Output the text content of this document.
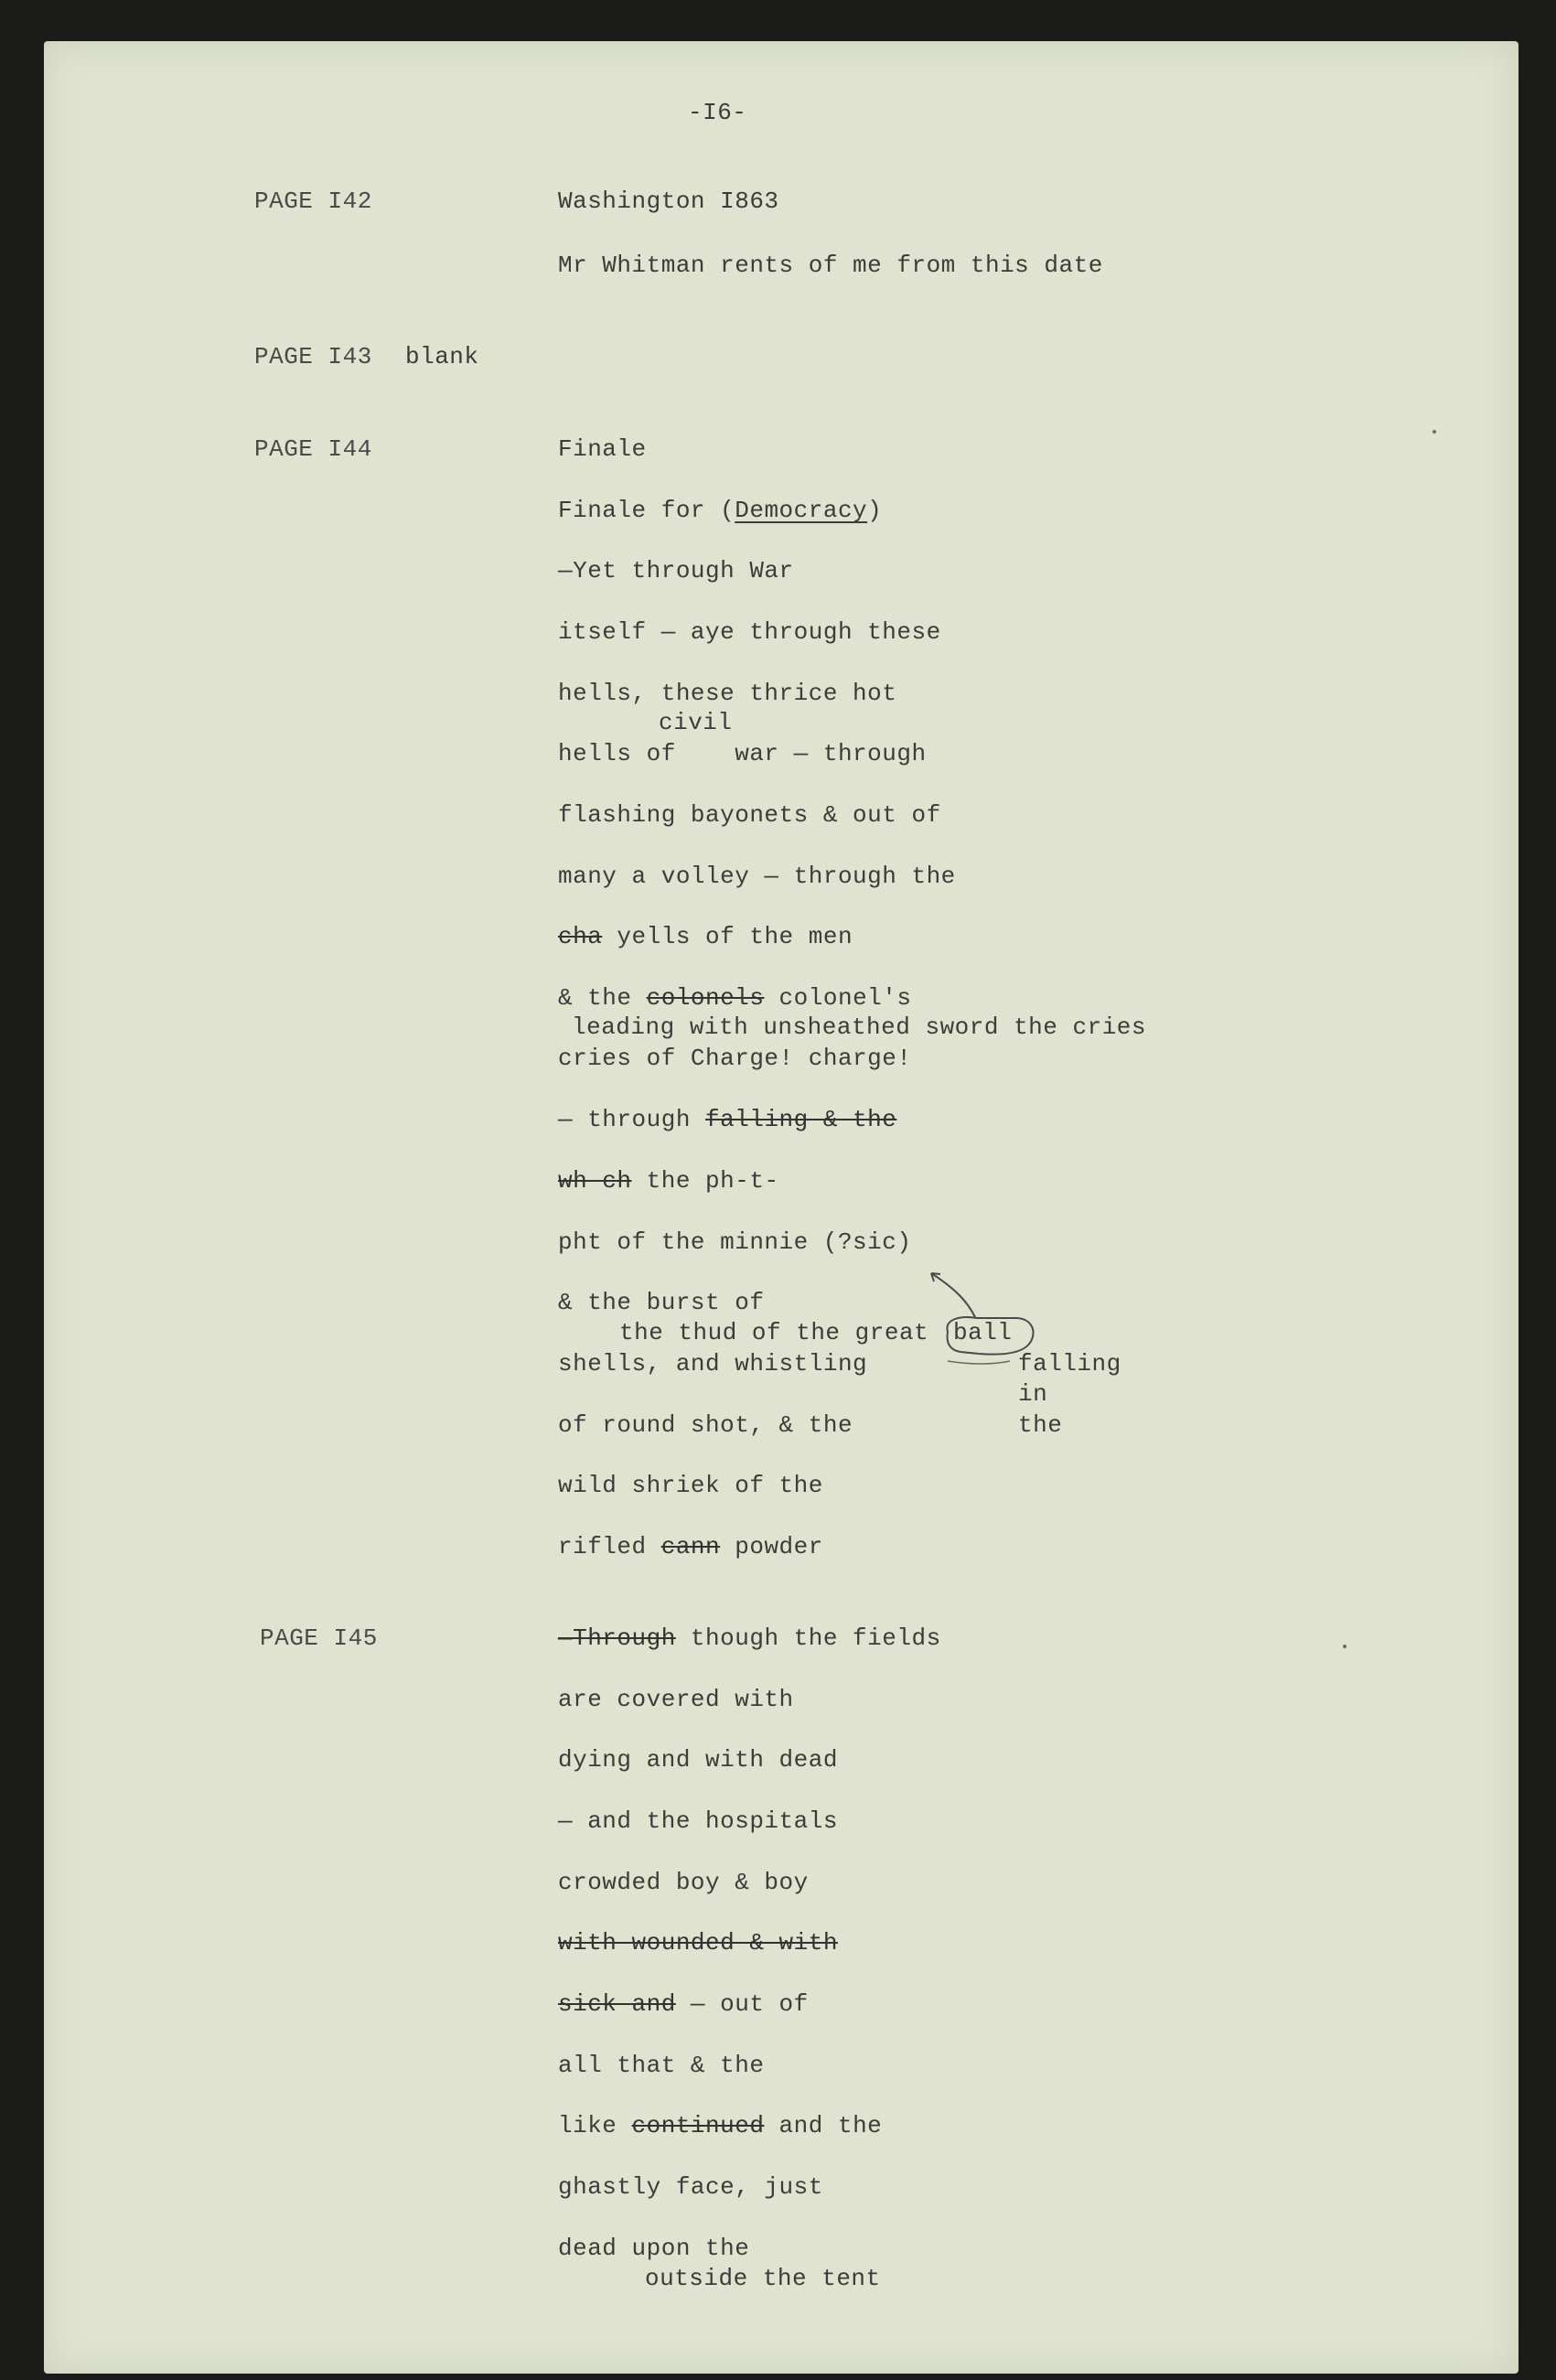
-I6-
PAGE I42	Washington I863
Mr Whitman rents of me from this date
PAGE I43 blank
PAGE I44	Finale
Finale for (Democracy)
—Yet through War
itself — aye through these
hells, these thrice hot
civil
hells of    war — through
flashing bayonets & out of
many a volley — through the
cha yells of the men
& the colonels colonel's
leading with unsheathed sword the cries
cries of Charge! charge!
— through falling & the
wh-ch the ph-t-
pht of the minnie (?sic)
& the burst of
the thud of the great ball
shells, and whistling	falling
in
of round shot, & the	the
wild shriek of the
rifled cann powder
PAGE I45	—Through though the fields
are covered with
dying and with dead
— and the hospitals
crowded boy & boy
with wounded & with
sick and — out of
all that & the
like continued and the
ghastly face, just
dead upon the
outside the tent
